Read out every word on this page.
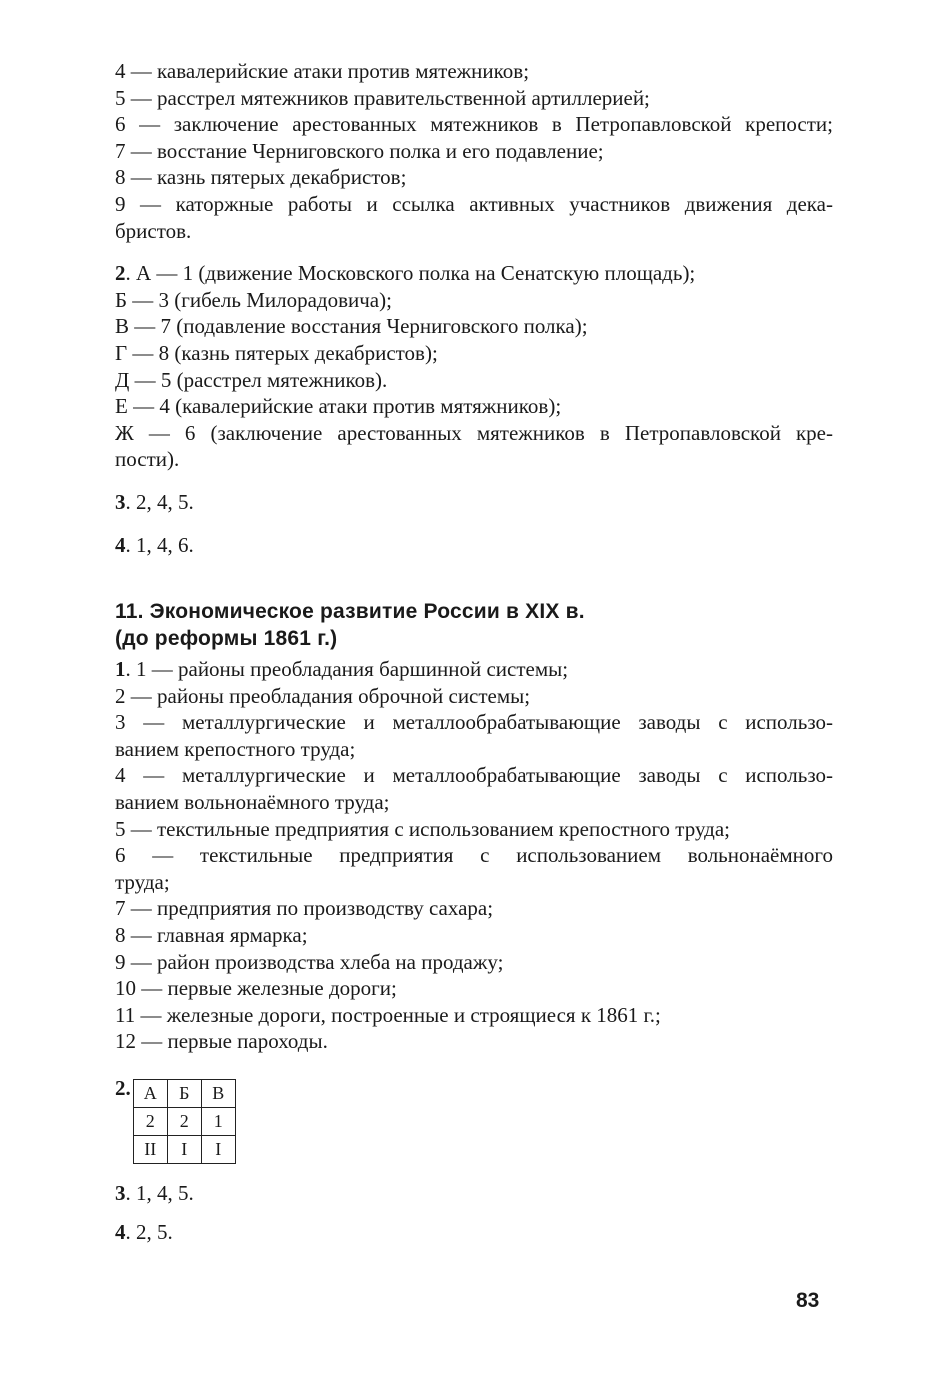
4 — кавалерийские атаки против мятежников;
5 — расстрел мятежников правительственной артиллерией;
6 — заключение арестованных мятежников в Петропавловской крепости;
7 — восстание Черниговского полка и его подавление;
8 — казнь пятерых декабристов;
9 — каторжные работы и ссылка активных участников движения дека-
бристов.
2. А — 1 (движение Московского полка на Сенатскую площадь);
Б — 3 (гибель Милорадовича);
В — 7 (подавление восстания Черниговского полка);
Г — 8 (казнь пятерых декабристов);
Д — 5 (расстрел мятежников).
Е — 4 (кавалерийские атаки против мятяжников);
Ж — 6 (заключение арестованных мятежников в Петропавловской кре-
пости).
3. 2, 4, 5.
4. 1, 4, 6.
11. Экономическое развитие России в XIX в.
(до реформы 1861 г.)
1. 1 — районы преобладания баршинной системы;
2 — районы преобладания оброчной системы;
3 — металлургические и металлообрабатывающие заводы с использо-
ванием крепостного труда;
4 — металлургические и металлообрабатывающие заводы с использо-
ванием вольнонаёмного труда;
5 — текстильные предприятия с использованием крепостного труда;
6 — текстильные предприятия с использованием вольнонаёмного
труда;
7 — предприятия по производству сахара;
8 — главная ярмарка;
9 — район производства хлеба на продажу;
10 — первые железные дороги;
11 — железные дороги, построенные и строящиеся к 1861 г.;
12 — первые пароходы.
2. А	Б	В
2	2	1
II	I	I
3. 1, 4, 5.
4. 2, 5.
83
